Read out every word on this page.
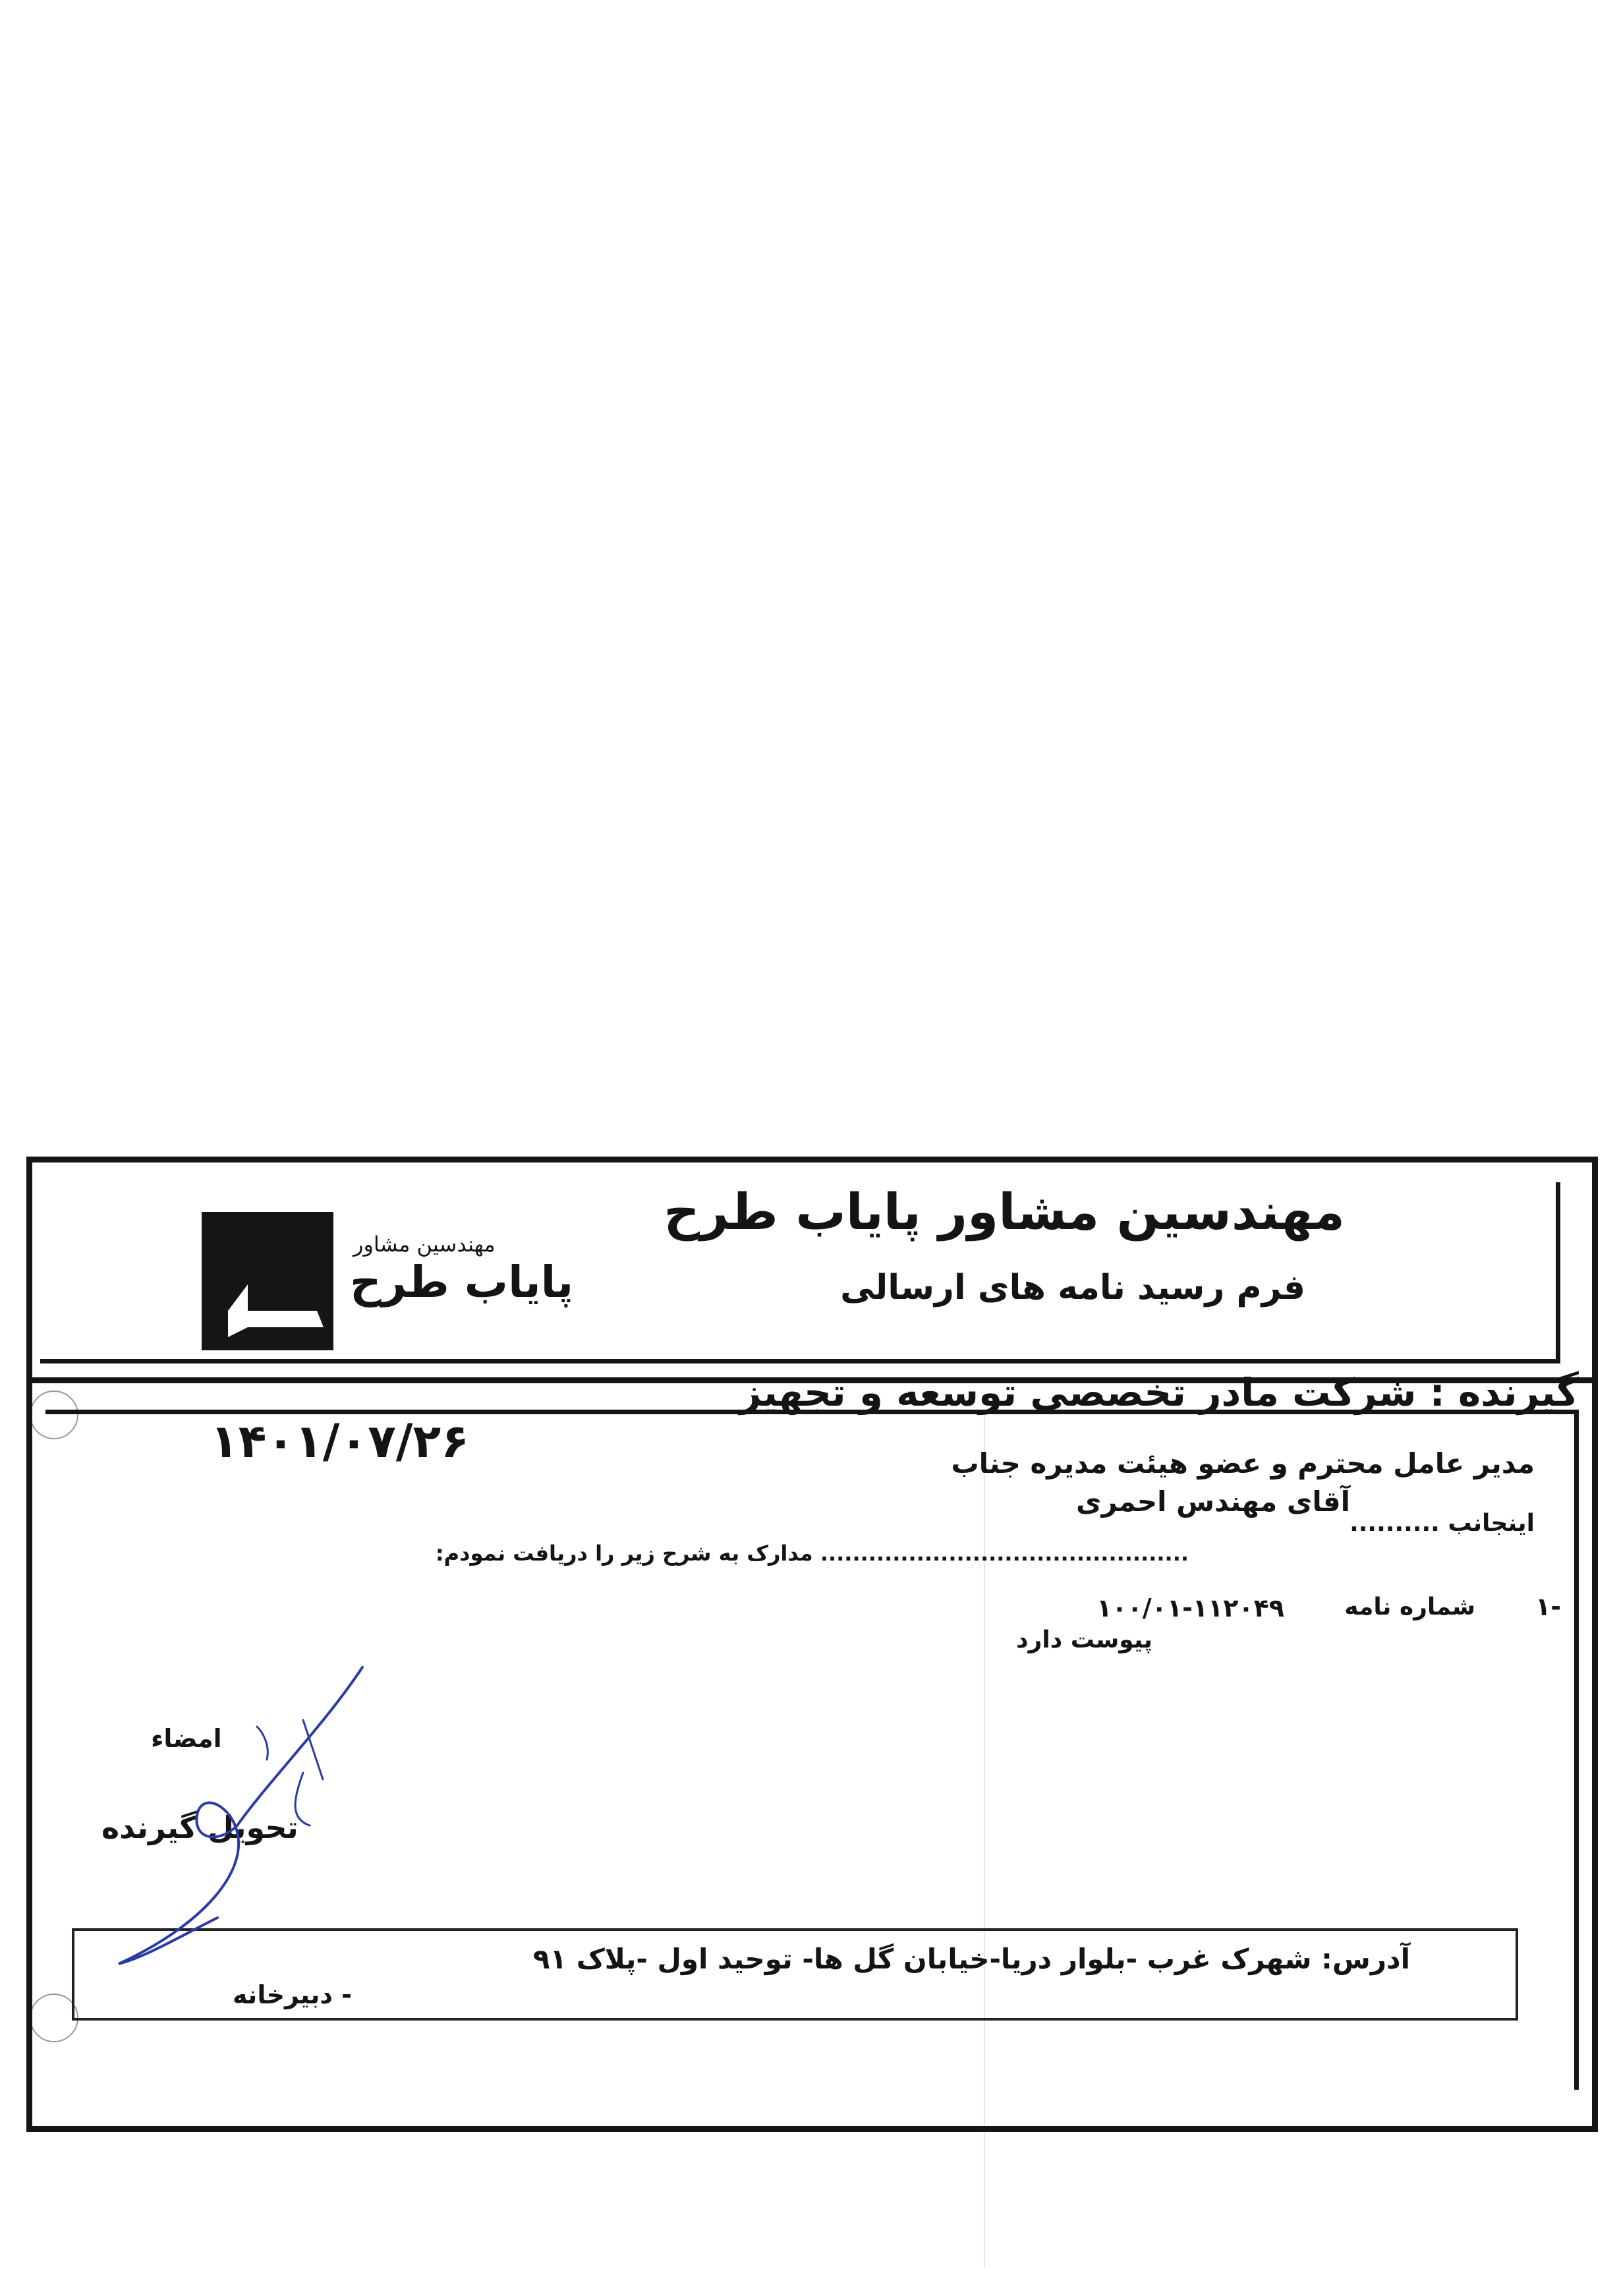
مهندسین مشاور پایاب طرح
فرم رسید نامه های ارسالی
مهندسین مشاور
پایاب طرح

گیرنده : شرکت مادر تخصصی توسعه و تجهیز

مدیر عامل محترم و عضو هیئت مدیره جناب

آقای مهندس احمری

اینجانب ..........

.............................................. مدارک به شرح زیر را دریافت نمودم:

۱۴۰۱/۰۷/۲۶

-۱

شماره نامه

۱۰۰/۰۱-۱۱۲۰۴۹

پیوست دارد

امضاء

تحویل گیرنده

آدرس: شهرک غرب -بلوار دریا-خیابان گل ها- توحید اول -پلاک ۹۱
- دبیرخانه
